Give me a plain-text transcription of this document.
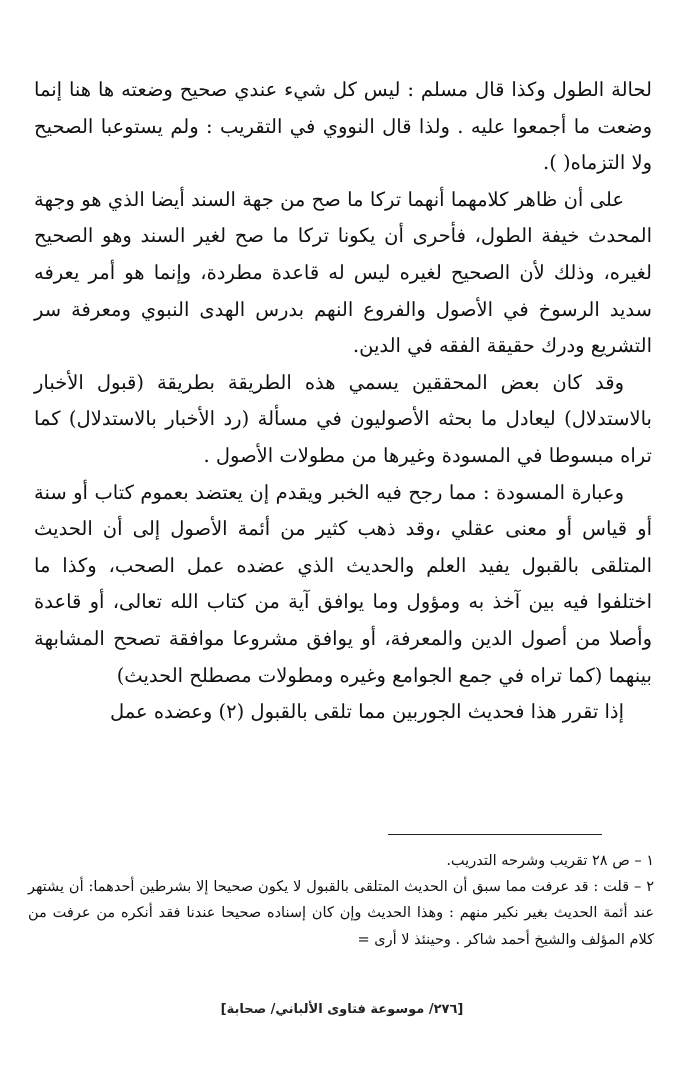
لحالة الطول وكذا قال مسلم : ليس كل شيء عندي صحيح وضعته ها هنا إنما وضعت ما أجمعوا عليه . ولذا قال النووي في التقريب : ولم يستوعبا الصحيح ولا التزماه( ).

على أن ظاهر كلامهما أنهما تركا ما صح من جهة السند أيضا الذي هو وجهة المحدث خيفة الطول، فأحرى أن يكونا تركا ما صح لغير السند وهو الصحيح لغيره، وذلك لأن الصحيح لغيره ليس له قاعدة مطردة، وإنما هو أمر يعرفه سديد الرسوخ في الأصول والفروع النهم بدرس الهدى النبوي ومعرفة سر التشريع ودرك حقيقة الفقه في الدين.

وقد كان بعض المحققين يسمي هذه الطريقة بطريقة (قبول الأخبار بالاستدلال) ليعادل ما بحثه الأصوليون في مسألة (رد الأخبار بالاستدلال) كما تراه مبسوطا في المسودة وغيرها من مطولات الأصول .

وعبارة المسودة : مما رجح فيه الخبر ويقدم إن يعتضد بعموم كتاب أو سنة أو قياس أو معنى عقلي ،وقد ذهب كثير من أئمة الأصول إلى أن الحديث المتلقى بالقبول يفيد العلم والحديث الذي عضده عمل الصحب، وكذا ما اختلفوا فيه بين آخذ به ومؤول وما يوافق آية من كتاب الله تعالى، أو قاعدة وأصلا من أصول الدين والمعرفة، أو يوافق مشروعا موافقة تصحح المشابهة بينهما (كما تراه في جمع الجوامع وغيره ومطولات مصطلح الحديث)

إذا تقرر هذا فحديث الجوربين مما تلقى بالقبول (٢) وعضده عمل

١ – ص ٢٨ تقريب وشرحه التدريب.

٢ – قلت : قد عرفت مما سبق أن الحديث المتلقى بالقبول لا يكون صحيحا إلا بشرطين أحدهما: أن يشتهر عند أئمة الحديث بغير نكير منهم : وهذا الحديث وإن كان إسناده صحيحا عندنا فقد أنكره من عرفت من كلام المؤلف والشيخ أحمد شاكر . وحينئذ لا أرى =

[٢٧٦/ موسوعة فتاوى الألباني/ صحابة]
